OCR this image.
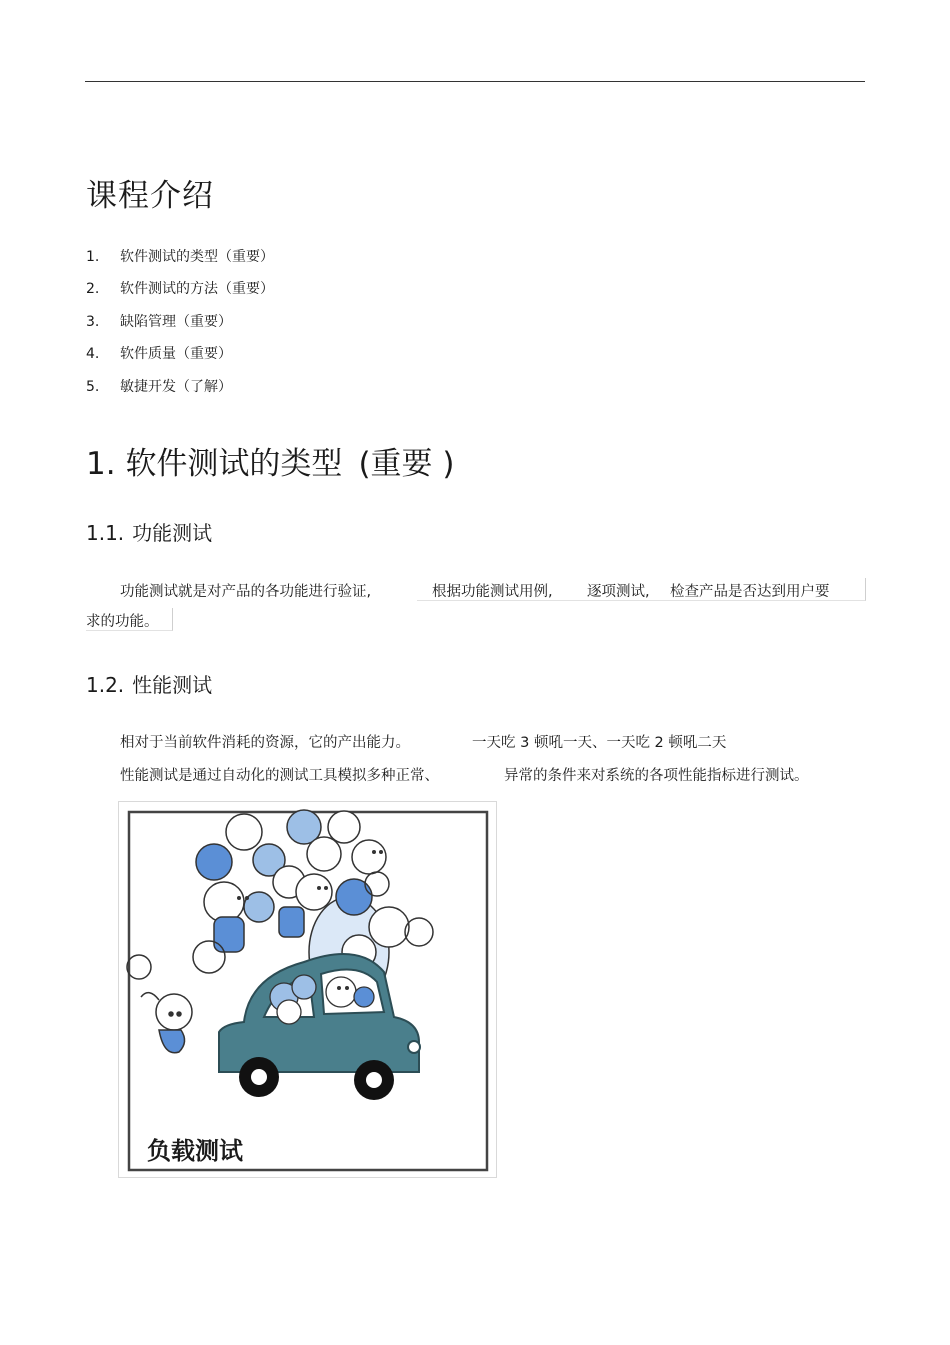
课程介绍
1. 软件测试的类型（重要）
2. 软件测试的方法（重要）
3. 缺陷管理（重要）
4. 软件质量（重要）
5. 敏捷开发（了解）
1. 软件测试的类型 (重要 )
1.1. 功能测试
功能测试就是对产品的各功能进行验证,	根据功能测试用例, 逐项测试, 检查产品是否达到用户要
求的功能。
1.2. 性能测试
相对于当前软件消耗的资源，它的产出能力。	一天吃 3 顿吼一天、一天吃 2 顿吼二天
性能测试是通过自动化的测试工具模拟多种正常、	异常的条件来对系统的各项性能指标进行测试。
负载测试
